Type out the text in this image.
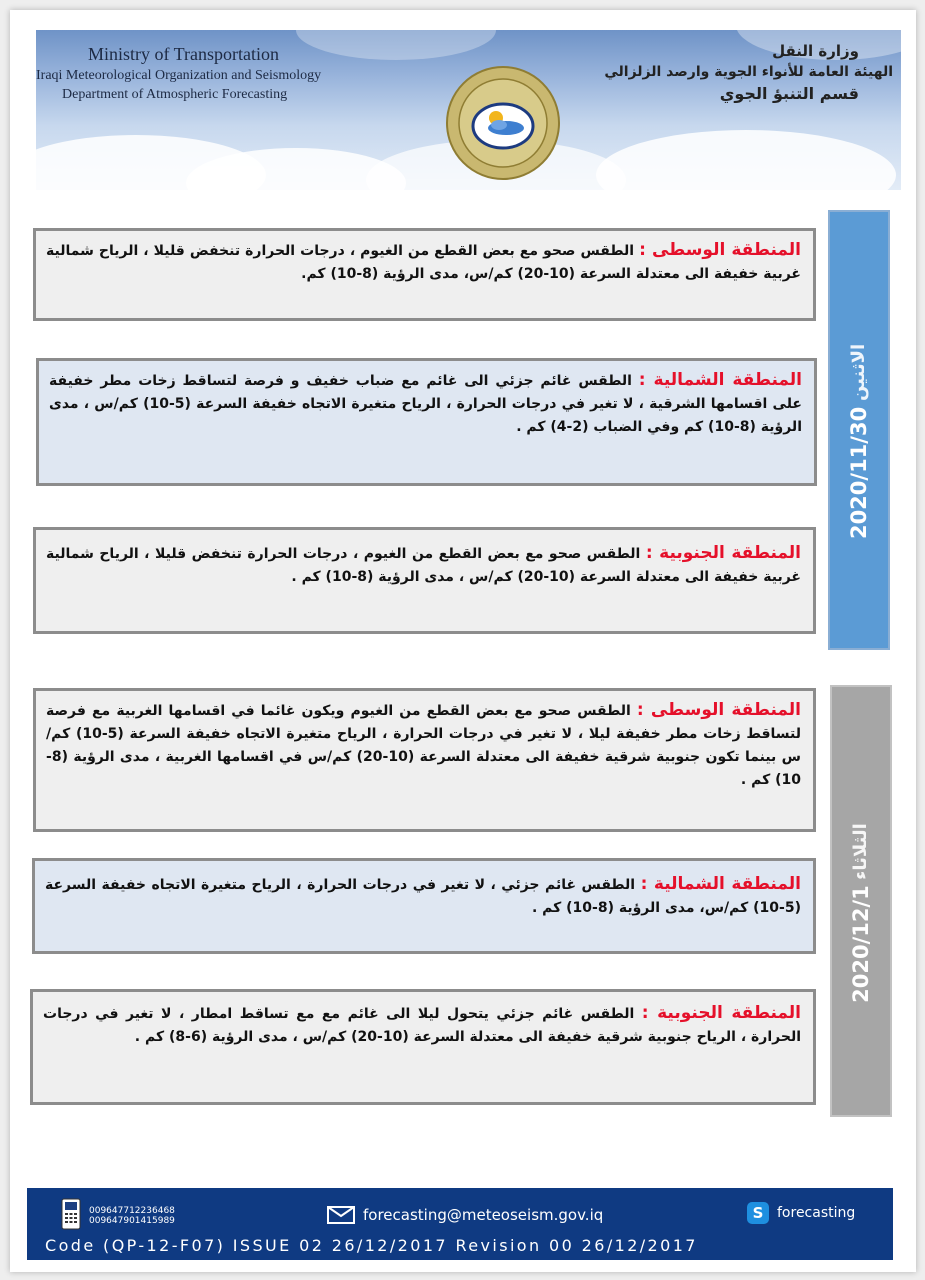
Ministry of Transportation
Iraqi Meteorological Organization and Seismology
Department of Atmospheric Forecasting
وزارة النقل
الهيئة العامة للأنواء الجوية وارصد الزلزالي
قسم التنبؤ الجوي
الاثنين 2020/11/30
المنطقة الوسطى : الطقس صحو مع بعض القطع من الغيوم ، درجات الحرارة تنخفض قليلا ، الرياح شمالية غربية خفيفة الى معتدلة السرعة (10-20) كم/س، مدى الرؤية (8-10) كم.
المنطقة الشمالية : الطقس غائم جزئي الى غائم مع ضباب خفيف و فرصة لتساقط زخات مطر خفيفة على اقسامها الشرقية ، لا تغير في درجات الحرارة ، الرياح متغيرة الاتجاه خفيفة السرعة (5-10) كم/س ، مدى الرؤية (8-10) كم وفي الضباب (2-4) كم .
المنطقة الجنوبية : الطقس صحو مع بعض القطع من الغيوم ، درجات الحرارة تنخفض قليلا ، الرياح شمالية غربية خفيفة الى معتدلة السرعة (10-20) كم/س ، مدى الرؤية (8-10) كم .
الثلاثاء 2020/12/1
المنطقة الوسطى : الطقس صحو مع بعض القطع من الغيوم ويكون غائما في اقسامها الغربية مع فرصة لتساقط زخات مطر خفيفة ليلا ، لا تغير في درجات الحرارة ، الرياح متغيرة الاتجاه خفيفة السرعة (5-10) كم/س بينما تكون جنوبية شرقية خفيفة الى معتدلة السرعة (10-20) كم/س في اقسامها الغربية ، مدى الرؤية (8-10) كم .
المنطقة الشمالية : الطقس غائم جزئي ، لا تغير في درجات الحرارة ، الرياح متغيرة الاتجاه خفيفة السرعة (5-10) كم/س، مدى الرؤية (8-10) كم .
المنطقة الجنوبية : الطقس غائم جزئي يتحول ليلا الى غائم مع مع تساقط امطار ، لا تغير في درجات الحرارة ، الرياح جنوبية شرقية خفيفة الى معتدلة السرعة (10-20) كم/س ، مدى الرؤية (6-8) كم .
009647712236468
009647901415989	forecasting@meteoseism.gov.iq	S forecasting
Code (QP-12-F07) ISSUE 02 26/12/2017 Revision 00 26/12/2017
